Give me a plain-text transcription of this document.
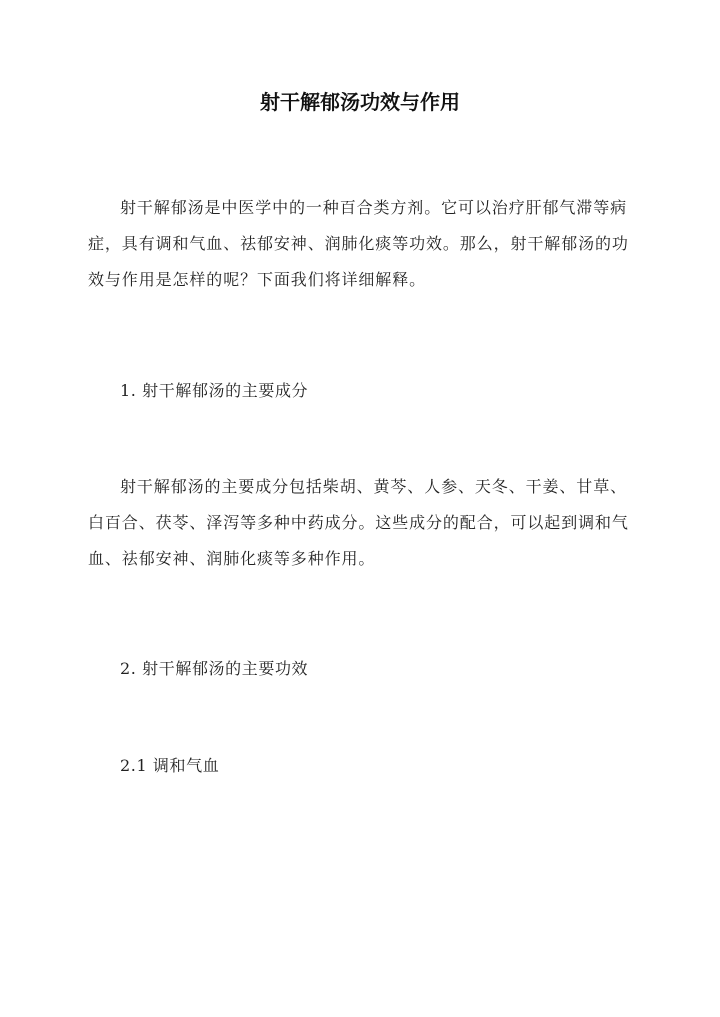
射干解郁汤功效与作用

射干解郁汤是中医学中的一种百合类方剂。它可以治疗肝郁气滞等病症，具有调和气血、祛郁安神、润肺化痰等功效。那么，射干解郁汤的功效与作用是怎样的呢？下面我们将详细解释。

1. 射干解郁汤的主要成分

射干解郁汤的主要成分包括柴胡、黄芩、人参、天冬、干姜、甘草、白百合、茯苓、泽泻等多种中药成分。这些成分的配合，可以起到调和气血、祛郁安神、润肺化痰等多种作用。

2. 射干解郁汤的主要功效

2.1 调和气血
